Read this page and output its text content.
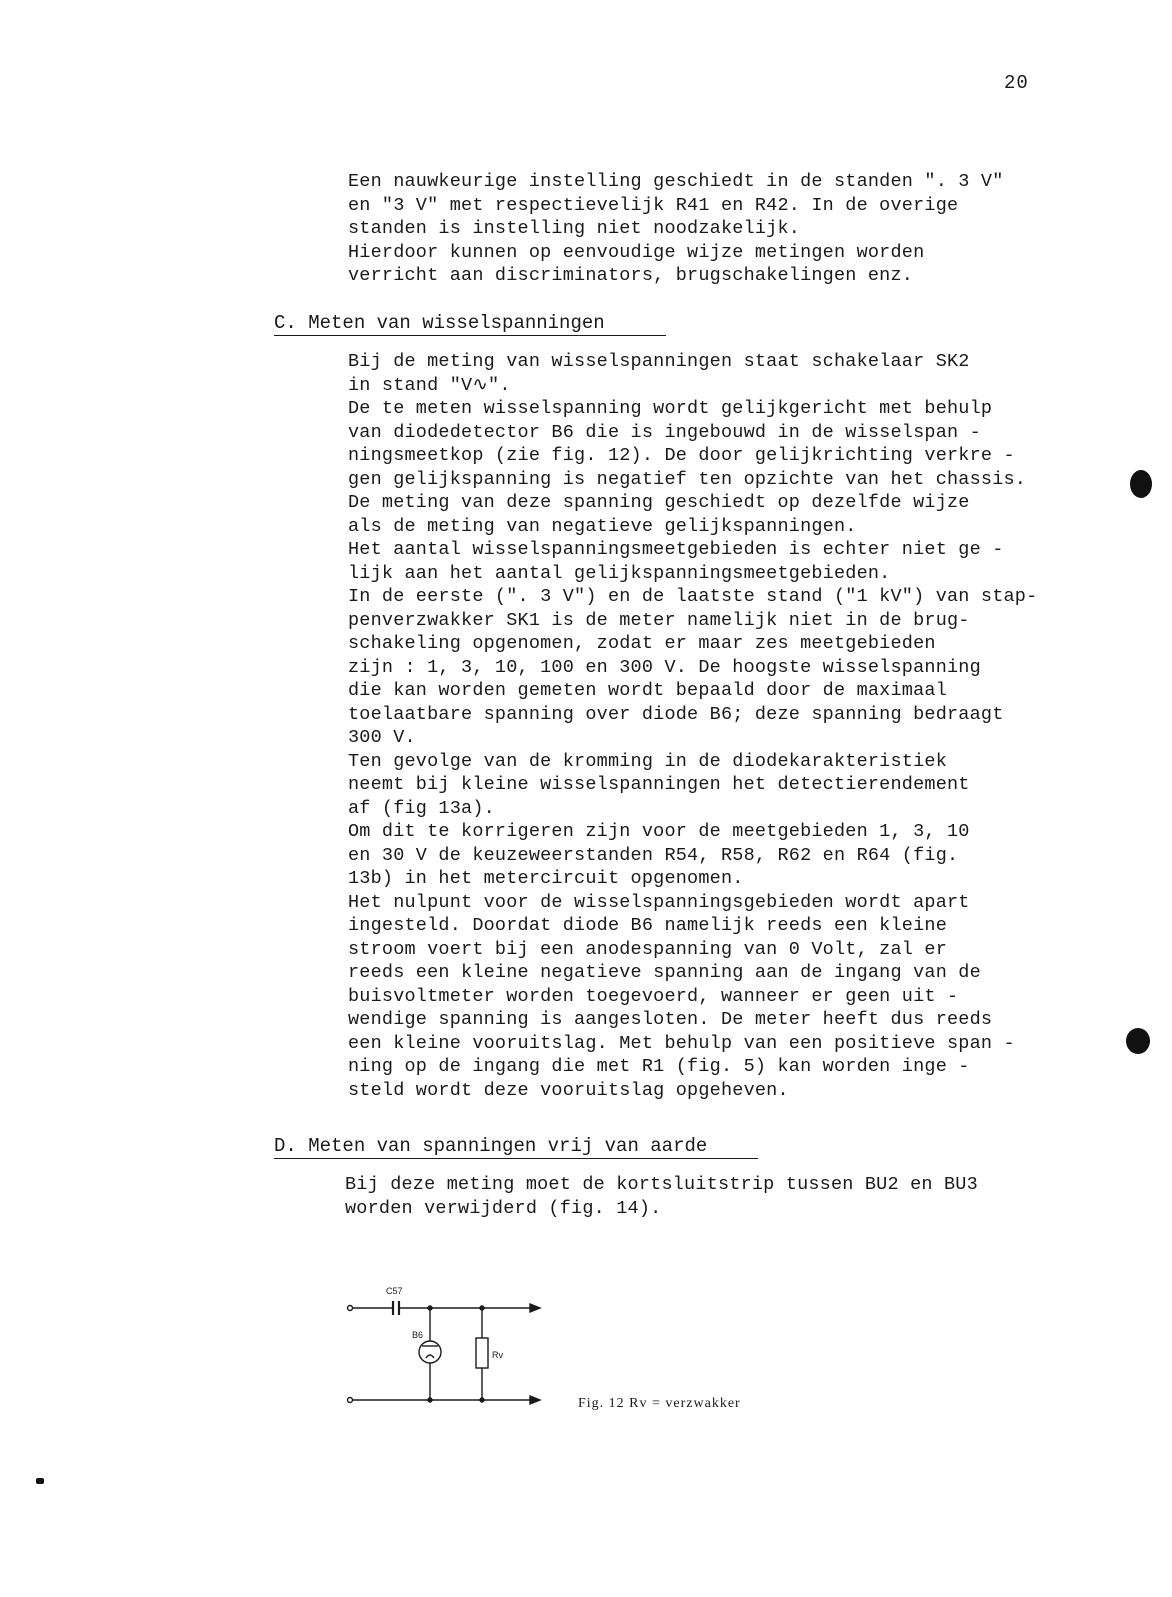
20
Een nauwkeurige instelling geschiedt in de standen ". 3 V"
en "3 V" met respectievelijk R41 en R42. In de overige
standen is instelling niet noodzakelijk.
Hierdoor kunnen op eenvoudige wijze metingen worden
verricht aan discriminators, brugschakelingen enz.
C. Meten van wisselspanningen
Bij de meting van wisselspanningen staat schakelaar SK2
in stand "V∿".
De te meten wisselspanning wordt gelijkgericht met behulp
van diodedetector B6 die is ingebouwd in de wisselspan -
ningsmeetkop (zie fig. 12). De door gelijkrichting verkre -
gen gelijkspanning is negatief ten opzichte van het chassis.
De meting van deze spanning geschiedt op dezelfde wijze
als de meting van negatieve gelijkspanningen.
Het aantal wisselspanningsmeetgebieden is echter niet ge -
lijk aan het aantal gelijkspanningsmeetgebieden.
In de eerste (". 3 V") en de laatste stand ("1 kV") van stap-
penverzwakker SK1 is de meter namelijk niet in de brug-
schakeling opgenomen, zodat er maar zes meetgebieden
zijn : 1, 3, 10, 100 en 300 V. De hoogste wisselspanning
die kan worden gemeten wordt bepaald door de maximaal
toelaatbare spanning over diode B6; deze spanning bedraagt
300 V.
Ten gevolge van de kromming in de diodekarakteristiek
neemt bij kleine wisselspanningen het detectierendement
af (fig 13a).
Om dit te korrigeren zijn voor de meetgebieden 1, 3, 10
en 30 V de keuzeweerstanden R54, R58, R62 en R64 (fig.
13b) in het metercircuit opgenomen.
Het nulpunt voor de wisselspanningsgebieden wordt apart
ingesteld. Doordat diode B6 namelijk reeds een kleine
stroom voert bij een anodespanning van 0 Volt, zal er
reeds een kleine negatieve spanning aan de ingang van de
buisvoltmeter worden toegevoerd, wanneer er geen uit -
wendige spanning is aangesloten. De meter heeft dus reeds
een kleine vooruitslag. Met behulp van een positieve span -
ning op de ingang die met R1 (fig. 5) kan worden inge -
steld wordt deze vooruitslag opgeheven.
D. Meten van spanningen vrij van aarde
Bij deze meting moet de kortsluitstrip tussen BU2 en BU3
worden verwijderd (fig. 14).
C57
B6
Rv
Fig. 12 Rv = verzwakker
